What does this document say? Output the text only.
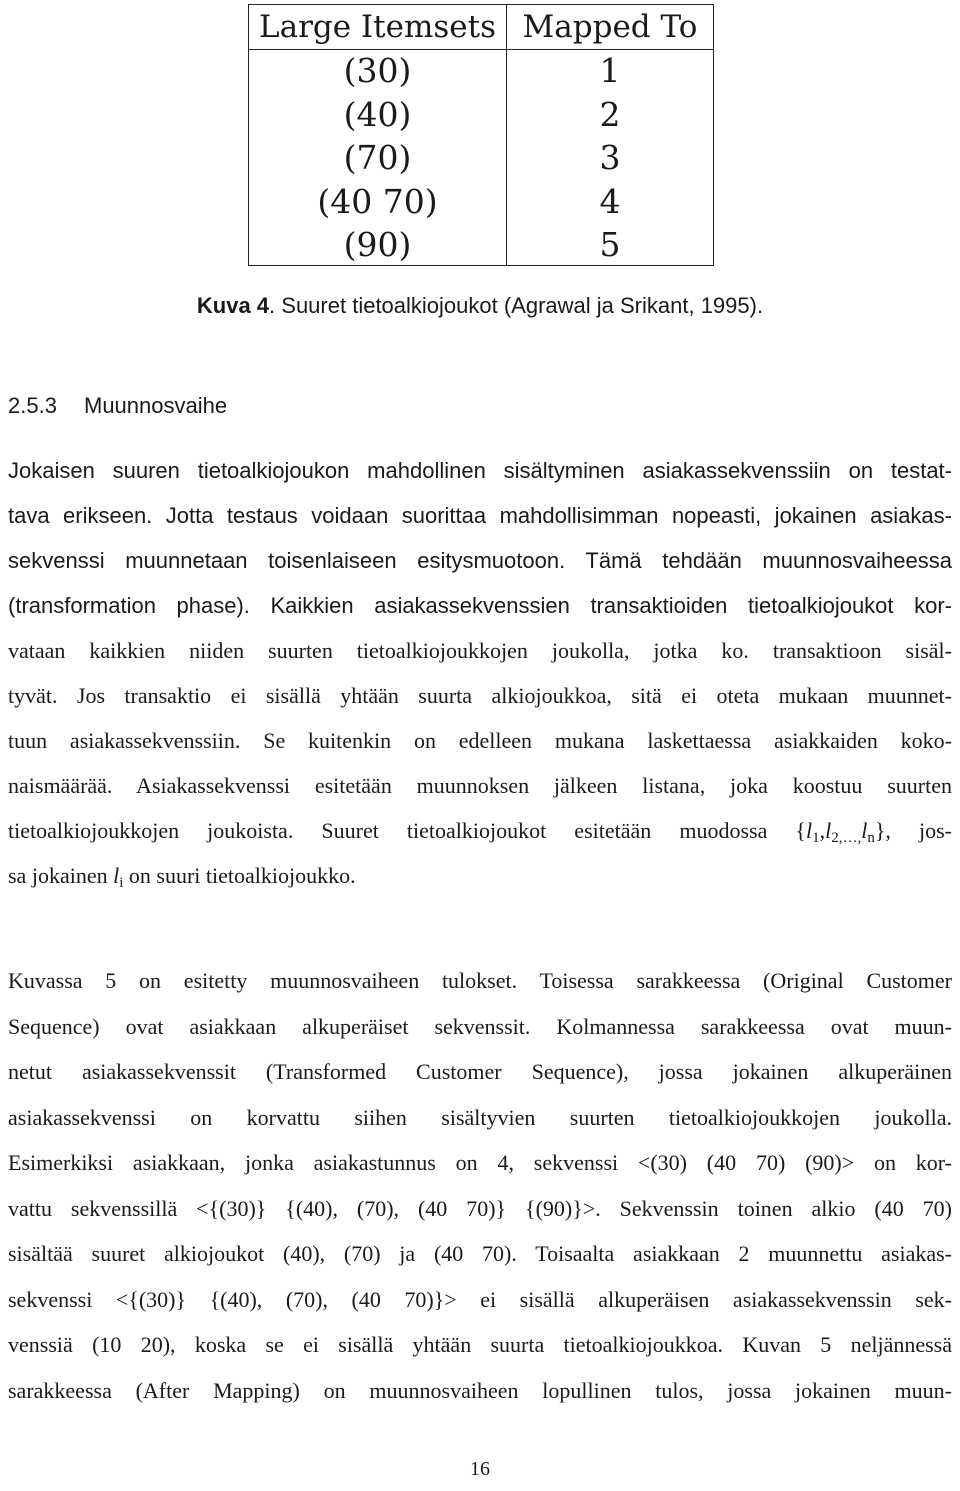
Large Itemsets Mapped To
(30)	1
(40)	2
(70)	3
(40 70)	4
(90)	5
Kuva 4. Suuret tietoalkiojoukot (Agrawal ja Srikant, 1995).
2.5.3 Muunnosvaihe
Jokaisen suuren tietoalkiojoukon mahdollinen sisältyminen asiakassekvenssiin on testat-
tava erikseen. Jotta testaus voidaan suorittaa mahdollisimman nopeasti, jokainen asiakas-
sekvenssi muunnetaan toisenlaiseen esitysmuotoon. Tämä tehdään muunnosvaiheessa
(transformation phase). Kaikkien asiakassekvenssien transaktioiden tietoalkiojoukot kor-
vataan kaikkien niiden suurten tietoalkiojoukkojen joukolla, jotka ko. transaktioon sisäl-
tyvät. Jos transaktio ei sisällä yhtään suurta alkiojoukkoa, sitä ei oteta mukaan muunnet-
tuun asiakassekvenssiin. Se kuitenkin on edelleen mukana laskettaessa asiakkaiden koko-
naismäärää. Asiakassekvenssi esitetään muunnoksen jälkeen listana, joka koostuu suurten
tietoalkiojoukkojen joukoista. Suuret tietoalkiojoukot esitetään muodossa $\{l_1,l_{2,\dots,}l_n\}$, jos-
sa jokainen $l_i$ on suuri tietoalkiojoukko.
Kuvassa 5 on esitetty muunnosvaiheen tulokset. Toisessa sarakkeessa (Original Customer
Sequence) ovat asiakkaan alkuperäiset sekvenssit. Kolmannessa sarakkeessa ovat muun-
netut asiakassekvenssit (Transformed Customer Sequence), jossa jokainen alkuperäinen
asiakassekvenssi on korvattu siihen sisältyvien suurten tietoalkiojoukkojen joukolla.
Esimerkiksi asiakkaan, jonka asiakastunnus on 4, sekvenssi <(30) (40 70) (90)> on kor-
vattu sekvenssillä <{(30)} {(40), (70), (40 70)} {(90)}>. Sekvenssin toinen alkio (40 70)
sisältää suuret alkiojoukot (40), (70) ja (40 70). Toisaalta asiakkaan 2 muunnettu asiakas-
sekvenssi <{(30)} {(40), (70), (40 70)}> ei sisällä alkuperäisen asiakassekvenssin sek-
venssiä (10 20), koska se ei sisällä yhtään suurta tietoalkiojoukkoa. Kuvan 5 neljännessä
sarakkeessa (After Mapping) on muunnosvaiheen lopullinen tulos, jossa jokainen muun-
16
